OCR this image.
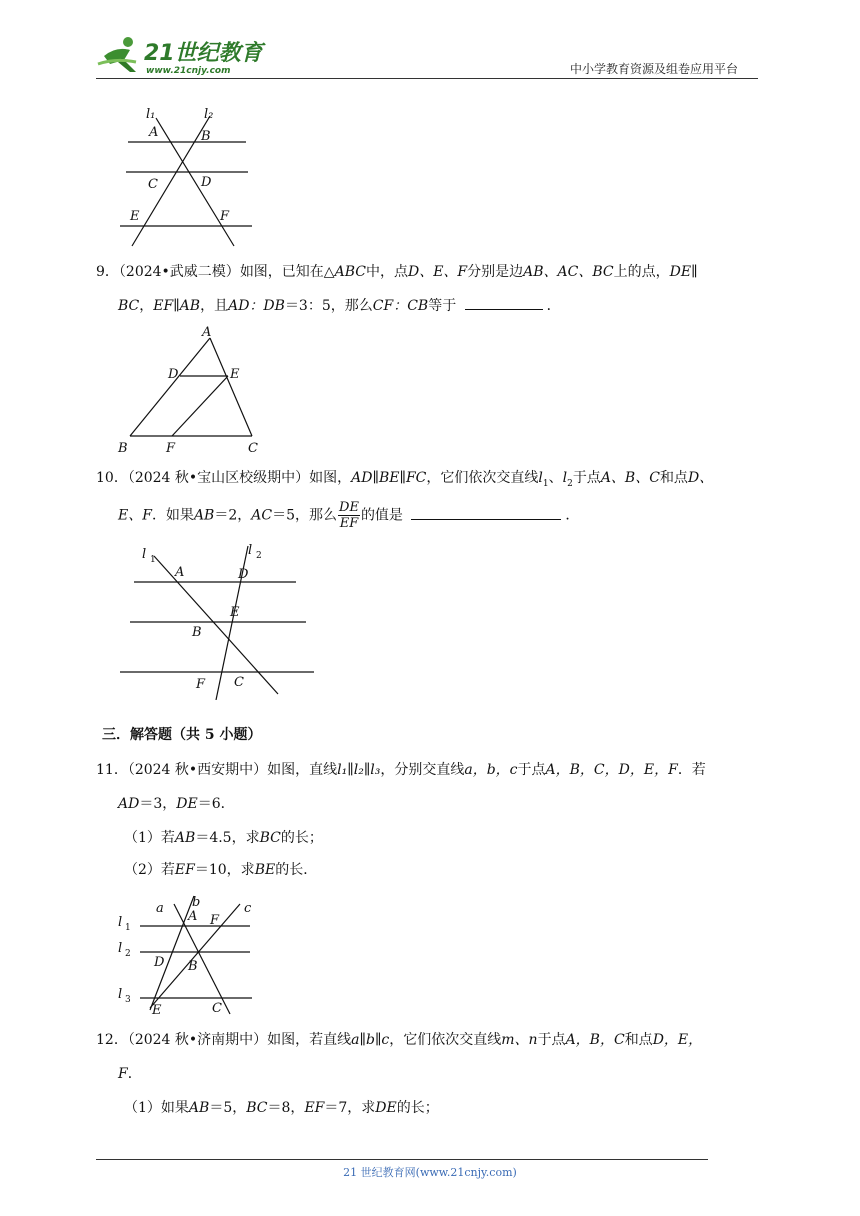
21世纪教育
www.21cnjy.com	中小学教育资源及组卷应用平台
l₁	l₂
A	B
C	D
E	F
9．（2024•武威二模）如图，已知在△ABC中，点D、E、F分别是边AB、AC、BC上的点，DE∥
BC，EF∥AB，且AD：DB＝3：5，那么CF：CB等于	．
A
D	E
B	F	C
10．（2024 秋•宝山区校级期中）如图，AD∥BE∥FC，它们依次交直线$l_1$、$l_2$于点A、B、C和点D、
E、F．如果AB＝2，AC＝5，那么 $\frac{DE}{EF}$ 的值是	．
l 1
l 2
A	D
E
B
F C
三．解答题（共 5 小题）
11．（2024 秋•西安期中）如图，直线l₁∥l₂∥l₃，分别交直线a，b，c于点A，B，C，D，E，F．若
AD＝3，DE＝6．
（1）若AB＝4.5，求BC的长；
（2）若EF＝10，求BE的长．
a b	c
l 1
l 2
l 3
A F
D B
E	C
12．（2024 秋•济南期中）如图，若直线a∥b∥c，它们依次交直线m、n于点A，B，C和点D，E，
F．
（1）如果AB＝5，BC＝8，EF＝7，求DE的长；
21 世纪教育网(www.21cnjy.com)
